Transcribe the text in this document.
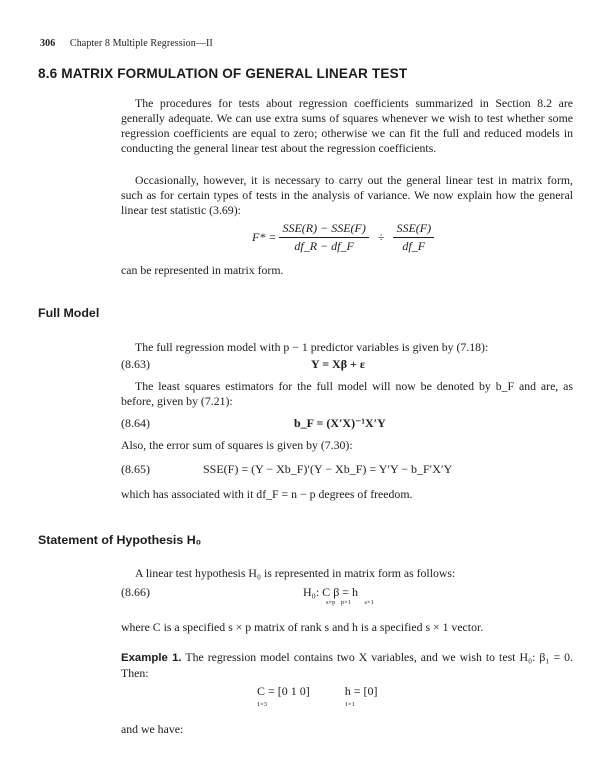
306 Chapter 8 Multiple Regression—II
8.6 MATRIX FORMULATION OF GENERAL LINEAR TEST

The procedures for tests about regression coefficients summarized in Section 8.2 are generally adequate. We can use extra sums of squares whenever we wish to test whether some regression coefficients are equal to zero; otherwise we can fit the full and reduced models in conducting the general linear test about the regression coefficients.

Occasionally, however, it is necessary to carry out the general linear test in matrix form, such as for certain types of tests in the analysis of variance. We now explain how the general linear test statistic (3.69):

$F* = \frac{\text{SSE(R) − SSE(F)}}{df\_R - df\_F} \div \frac{\text{SSE(F)}}{df\_F}$

can be represented in matrix form.

Full Model

The full regression model with p − 1 predictor variables is given by (7.18):

(8.63)	Y = Xβ + ε

The least squares estimators for the full model will now be denoted by b_F and are, as before, given by (7.21):

(8.64)	b_F = (X′X)⁻¹X′Y

Also, the error sum of squares is given by (7.30):

(8.65)	SSE(F) = (Y − Xb_F)′(Y − Xb_F) = Y′Y − b_F′X′Y

which has associated with it df_F = n − p degrees of freedom.

Statement of Hypothesis H₀

A linear test hypothesis H₀ is represented in matrix form as follows:

(8.66)	H₀: C β = h
s×p p×1 s×1

where C is a specified s × p matrix of rank s and h is a specified s × 1 vector.

Example 1. The regression model contains two X variables, and we wish to test H₀: β₁ = 0. Then:

C = [0 1 0]
1×3
h = [0]
1×1

and we have:
